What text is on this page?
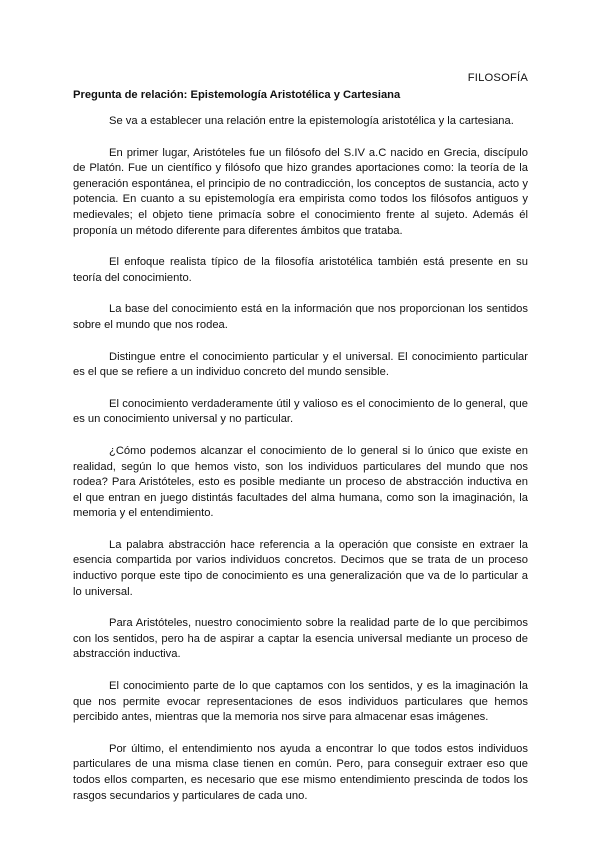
FILOSOFÍA
Pregunta de relación: Epistemología Aristotélica y Cartesiana

Se va a establecer una relación entre la epistemología aristotélica y la cartesiana.

En primer lugar, Aristóteles fue un filósofo del S.IV a.C nacido en Grecia, discípulo de Platón. Fue un científico y filósofo que hizo grandes aportaciones como: la teoría de la generación espontánea, el principio de no contradicción, los conceptos de sustancia, acto y potencia. En cuanto a su epistemología era empirista como todos los filósofos antiguos y medievales; el objeto tiene primacía sobre el conocimiento frente al sujeto. Además él proponía un método diferente para diferentes ámbitos que trataba.

El enfoque realista típico de la filosofía aristotélica también está presente en su teoría del conocimiento.

La base del conocimiento está en la información que nos proporcionan los sentidos sobre el mundo que nos rodea.

Distingue entre el conocimiento particular y el universal. El conocimiento particular es el que se refiere a un individuo concreto del mundo sensible.

El conocimiento verdaderamente útil y valioso es el conocimiento de lo general, que es un conocimiento universal y no particular.

¿Cómo podemos alcanzar el conocimiento de lo general si lo único que existe en realidad, según lo que hemos visto, son los individuos particulares del mundo que nos rodea? Para Aristóteles, esto es posible mediante un proceso de abstracción inductiva en el que entran en juego distintás facultades del alma humana, como son la imaginación, la memoria y el entendimiento.

La palabra abstracción hace referencia a la operación que consiste en extraer la esencia compartida por varios individuos concretos. Decimos que se trata de un proceso inductivo porque este tipo de conocimiento es una generalización que va de lo particular a lo universal.

Para Aristóteles, nuestro conocimiento sobre la realidad parte de lo que percibimos con los sentidos, pero ha de aspirar a captar la esencia universal mediante un proceso de abstracción inductiva.

El conocimiento parte de lo que captamos con los sentidos, y es la imaginación la que nos permite evocar representaciones de esos individuos particulares que hemos percibido antes, mientras que la memoria nos sirve para almacenar esas imágenes.

Por último, el entendimiento nos ayuda a encontrar lo que todos estos individuos particulares de una misma clase tienen en común. Pero, para conseguir extraer eso que todos ellos comparten, es necesario que ese mismo entendimiento prescinda de todos los rasgos secundarios y particulares de cada uno.
